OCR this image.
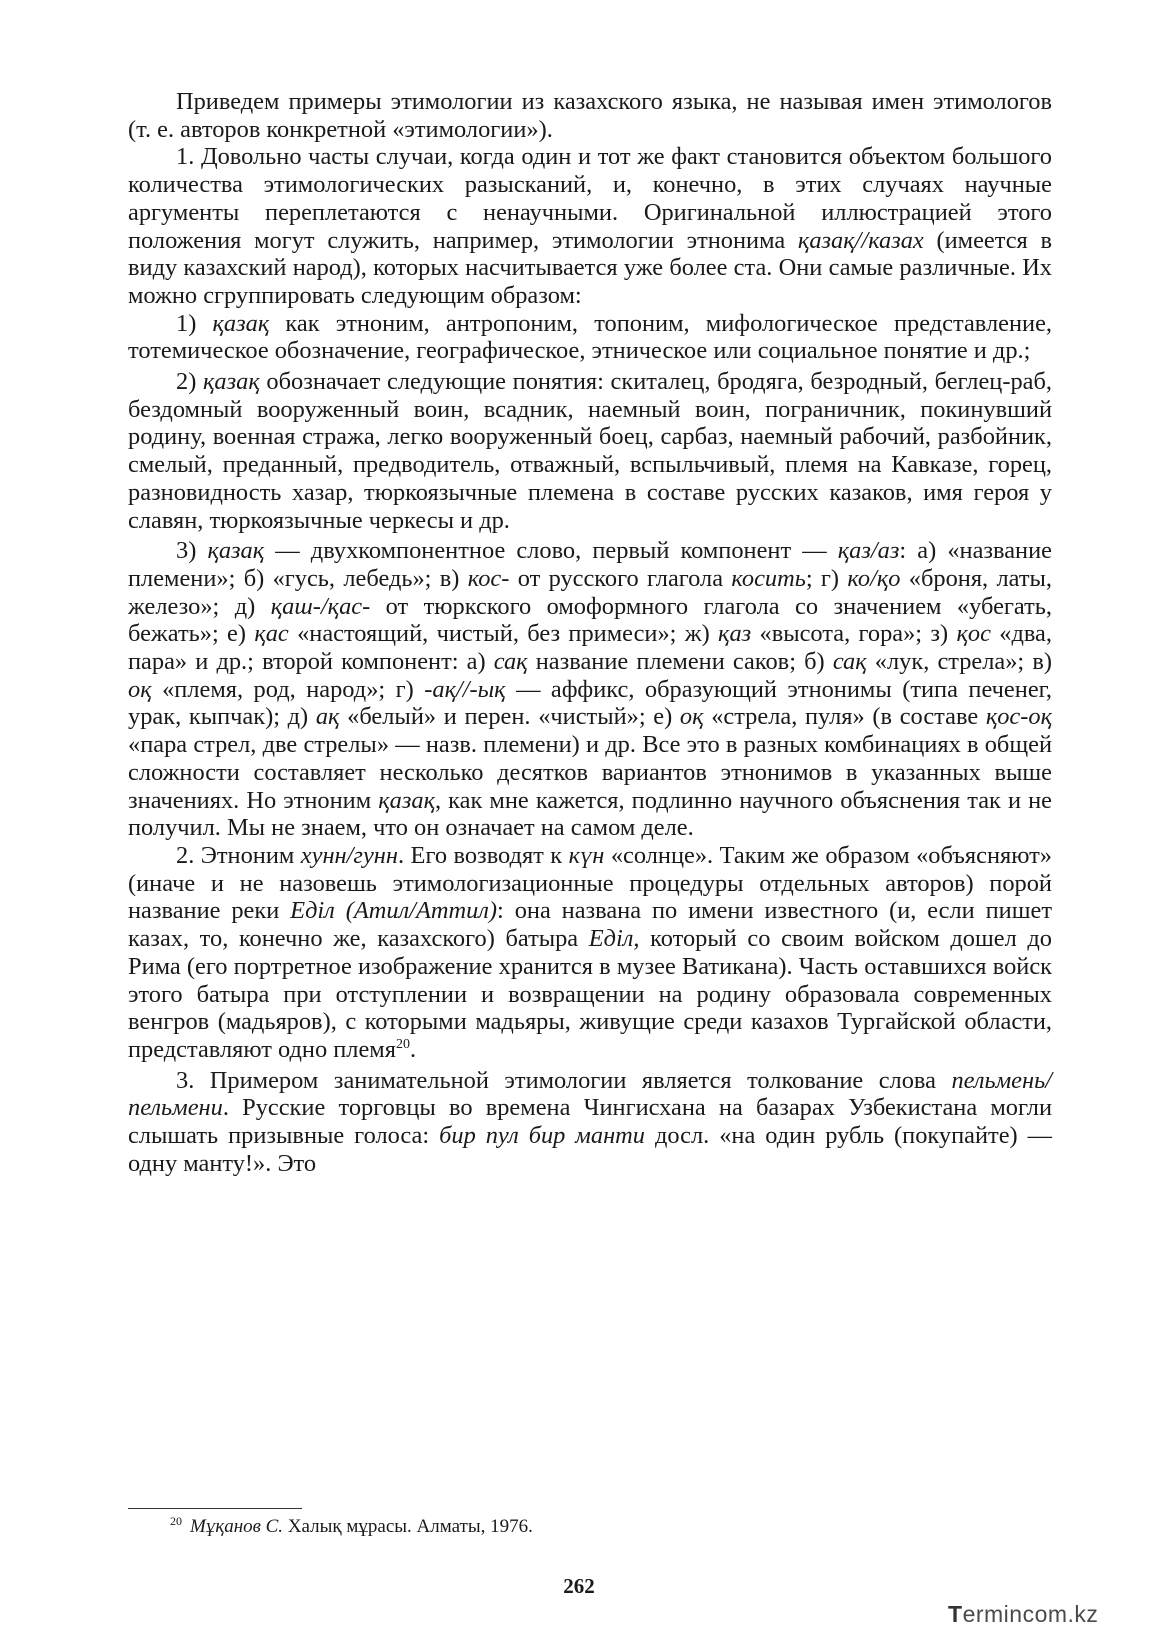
Приведем примеры этимологии из казахского языка, не называя имен этимологов (т. е. авторов конкретной «этимологии»).

1. Довольно часты случаи, когда один и тот же факт становится объектом большого количества этимологических разысканий, и, конечно, в этих случаях научные аргументы переплетаются с ненаучными. Оригинальной иллюстрацией этого положения могут служить, например, этимологии этнонима қазақ//казах (имеется в виду казахский народ), которых насчитывается уже более ста. Они самые различные. Их можно сгруппировать следующим образом:

1) қазақ как этноним, антропоним, топоним, мифологическое представление, тотемическое обозначение, географическое, этническое или социальное понятие и др.;

2) қазақ обозначает следующие понятия: скиталец, бродяга, безродный, беглец-раб, бездомный вооруженный воин, всадник, наемный воин, пограничник, покинувший родину, военная стража, легко вооруженный боец, сарбаз, наемный рабочий, разбойник, смелый, преданный, предводитель, отважный, вспыльчивый, племя на Кавказе, горец, разновидность хазар, тюркоязычные племена в составе русских казаков, имя героя у славян, тюркоязычные черкесы и др.

3) қазақ — двухкомпонентное слово, первый компонент — қаз/аз: а) «название племени»; б) «гусь, лебедь»; в) кос- от русского глагола косить; г) ко/қо «броня, латы, железо»; д) қаш-/қас- от тюркского омоформного глагола со значением «убегать, бежать»; е) қас «настоящий, чистый, без примеси»; ж) қаз «высота, гора»; з) қос «два, пара» и др.; второй компонент: а) сақ название племени саков; б) сақ «лук, стрела»; в) оқ «племя, род, народ»; г) -ақ//-ық — аффикс, образующий этнонимы (типа печенег, урак, кыпчак); д) ақ «белый» и перен. «чистый»; е) оқ «стрела, пуля» (в составе қос-оқ «пара стрел, две стрелы» — назв. племени) и др. Все это в разных комбинациях в общей сложности составляет несколько десятков вариантов этнонимов в указанных выше значениях. Но этноним қазақ, как мне кажется, подлинно научного объяснения так и не получил. Мы не знаем, что он означает на самом деле.

2. Этноним хунн/гунн. Его возводят к күн «солнце». Таким же образом «объясняют» (иначе и не назовешь этимологизационные процедуры отдельных авторов) порой название реки Еділ (Атил/Аттил): она названа по имени известного (и, если пишет казах, то, конечно же, казахского) батыра Еділ, который со своим войском дошел до Рима (его портретное изображение хранится в музее Ватикана). Часть оставшихся войск этого батыра при отступлении и возвращении на родину образовала современных венгров (мадьяров), с которыми мадьяры, живущие среди казахов Тургайской области, представляют одно племя$^{20}$.

3. Примером занимательной этимологии является толкование слова пельмень/пельмени. Русские торговцы во времена Чингисхана на базарах Узбекистана могли слышать призывные голоса: бир пул бир манти досл. «на один рубль (покупайте) — одну манту!». Это

$^{20}$ Мұқанов С. Халық мұрасы. Алматы, 1976.
262
Termincom.kz
